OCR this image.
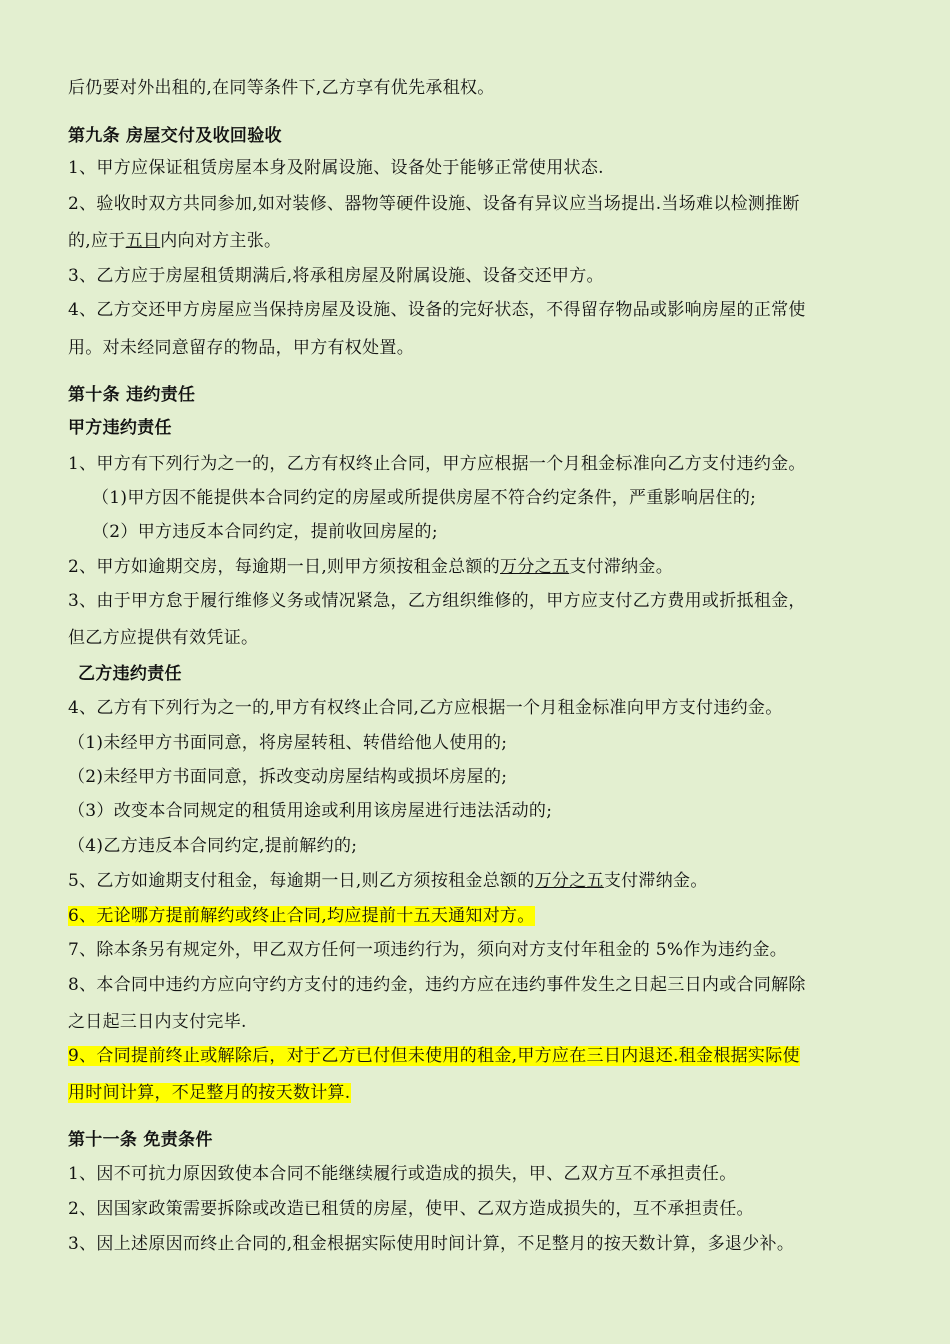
后仍要对外出租的,在同等条件下,乙方享有优先承租权。

第九条 房屋交付及收回验收

1、甲方应保证租赁房屋本身及附属设施、设备处于能够正常使用状态.

2、验收时双方共同参加,如对装修、器物等硬件设施、设备有异议应当场提出.当场难以检测推断

的,应于五日内向对方主张。

3、乙方应于房屋租赁期满后,将承租房屋及附属设施、设备交还甲方。

4、乙方交还甲方房屋应当保持房屋及设施、设备的完好状态，不得留存物品或影响房屋的正常使

用。对未经同意留存的物品，甲方有权处置。

第十条 违约责任

甲方违约责任

1、甲方有下列行为之一的，乙方有权终止合同，甲方应根据一个月租金标准向乙方支付违约金。

（1)甲方因不能提供本合同约定的房屋或所提供房屋不符合约定条件，严重影响居住的;

（2）甲方违反本合同约定，提前收回房屋的;

2、甲方如逾期交房，每逾期一日,则甲方须按租金总额的万分之五支付滞纳金。

3、由于甲方怠于履行维修义务或情况紧急，乙方组织维修的，甲方应支付乙方费用或折抵租金，

但乙方应提供有效凭证。

乙方违约责任

4、乙方有下列行为之一的,甲方有权终止合同,乙方应根据一个月租金标准向甲方支付违约金。

（1)未经甲方书面同意，将房屋转租、转借给他人使用的;

（2)未经甲方书面同意，拆改变动房屋结构或损坏房屋的;

（3）改变本合同规定的租赁用途或利用该房屋进行违法活动的;

（4)乙方违反本合同约定,提前解约的;

5、乙方如逾期支付租金，每逾期一日,则乙方须按租金总额的万分之五支付滞纳金。

6、无论哪方提前解约或终止合同,均应提前十五天通知对方。

7、除本条另有规定外，甲乙双方任何一项违约行为，须向对方支付年租金的 5%作为违约金。

8、本合同中违约方应向守约方支付的违约金，违约方应在违约事件发生之日起三日内或合同解除

之日起三日内支付完毕.

9、合同提前终止或解除后，对于乙方已付但未使用的租金,甲方应在三日内退还.租金根据实际使

用时间计算，不足整月的按天数计算.

第十一条 免责条件

1、因不可抗力原因致使本合同不能继续履行或造成的损失，甲、乙双方互不承担责任。

2、因国家政策需要拆除或改造已租赁的房屋，使甲、乙双方造成损失的，互不承担责任。

3、因上述原因而终止合同的,租金根据实际使用时间计算，不足整月的按天数计算，多退少补。
